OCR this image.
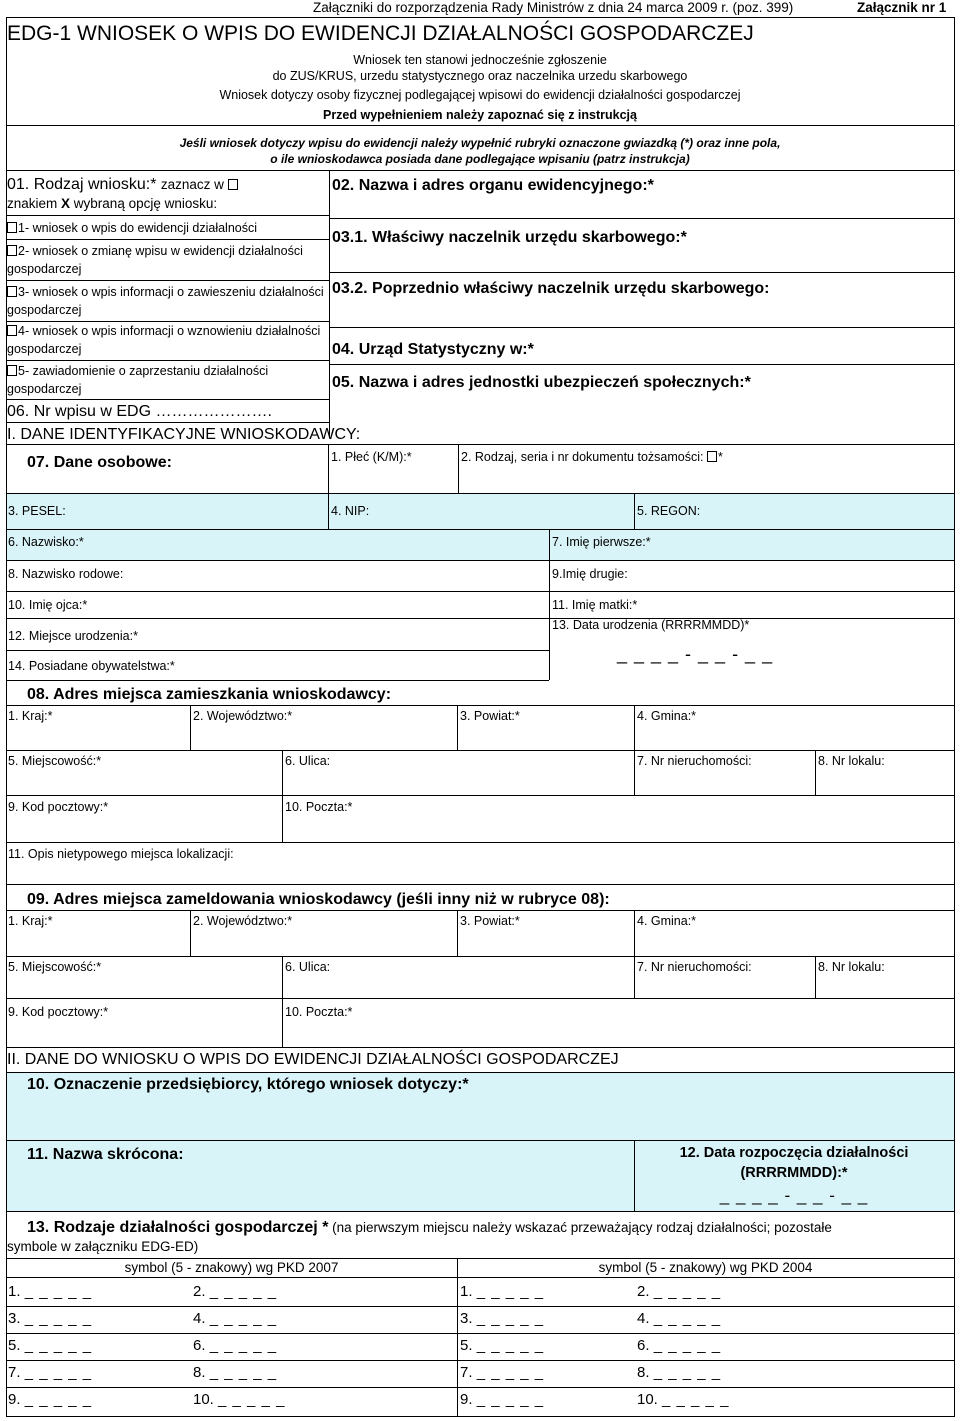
Załączniki do rozporządzenia Rady Ministrów z dnia 24 marca 2009 r. (poz. 399)	Załącznik nr 1
EDG-1 WNIOSEK O WPIS DO EWIDENCJI DZIAŁALNOŚCI GOSPODARCZEJ
Wniosek ten stanowi jednocześnie zgłoszenie
do ZUS/KRUS, urzedu statystycznego oraz naczelnika urzedu skarbowego
Wniosek dotyczy osoby fizycznej podlegającej wpisowi do ewidencji działalności gospodarczej
Przed wypełnieniem należy zapoznać się z instrukcją
Jeśli wniosek dotyczy wpisu do ewidencji należy wypełnić rubryki oznaczone gwiazdką (*) oraz inne pola,
o ile wnioskodawca posiada dane podlegające wpisaniu (patrz instrukcja)
01. Rodzaj wniosku:* zaznacz w
znakiem X wybraną opcję wniosku:
1- wniosek o wpis do ewidencji działalności
2- wniosek o zmianę wpisu w ewidencji działalności
gospodarczej
3- wniosek o wpis informacji o zawieszeniu działalności
gospodarczej
4- wniosek o wpis informacji o wznowieniu działalności
gospodarczej
5- zawiadomienie o zaprzestaniu działalności
gospodarczej
06. Nr wpisu w EDG ………………….
02. Nazwa i adres organu ewidencyjnego:*
03.1. Właściwy naczelnik urzędu skarbowego:*
03.2. Poprzednio właściwy naczelnik urzędu skarbowego:
04. Urząd Statystyczny w:*
05. Nazwa i adres jednostki ubezpieczeń społecznych:*
I. DANE IDENTYFIKACYJNE WNIOSKODAWCY:
07. Dane osobowe:	1. Płeć (K/M):*	2. Rodzaj, seria i nr dokumentu tożsamości: *
3. PESEL:	4. NIP:	5. REGON:
6. Nazwisko:*	7. Imię pierwsze:*
8. Nazwisko rodowe:	9.Imię drugie:
10. Imię ojca:*	11. Imię matki:*
12. Miejsce urodzenia:*
13. Data urodzenia (RRRRMMDD)*
_ _ _ _ - _ _ - _ _
14. Posiadane obywatelstwa:*
08. Adres miejsca zamieszkania wnioskodawcy:
1. Kraj:*	2. Województwo:*	3. Powiat:*	4. Gmina:*
5. Miejscowość:*	6. Ulica:	7. Nr nieruchomości:	8. Nr lokalu:
9. Kod pocztowy:*	10. Poczta:*
11. Opis nietypowego miejsca lokalizacji:
09. Adres miejsca zameldowania wnioskodawcy (jeśli inny niż w rubryce 08):
1. Kraj:*	2. Województwo:*	3. Powiat:*	4. Gmina:*
5. Miejscowość:*	6. Ulica:	7. Nr nieruchomości:	8. Nr lokalu:
9. Kod pocztowy:*	10. Poczta:*
II. DANE DO WNIOSKU O WPIS DO EWIDENCJI DZIAŁALNOŚCI GOSPODARCZEJ
10. Oznaczenie przedsiębiorcy, którego wniosek dotyczy:*
11. Nazwa skrócona:	12. Data rozpoczęcia działalności
(RRRRMMDD):*
_ _ _ _ - _ _ - _ _
13. Rodzaje działalności gospodarczej * (na pierwszym miejscu należy wskazać przeważający rodzaj działalności; pozostałe
symbole w załączniku EDG-ED)
symbol (5 - znakowy) wg PKD 2007	symbol (5 - znakowy) wg PKD 2004
1. _ _ _ _ _	2. _ _ _ _ _	1. _ _ _ _ _	2. _ _ _ _ _
3. _ _ _ _ _	4. _ _ _ _ _	3. _ _ _ _ _	4. _ _ _ _ _
5. _ _ _ _ _	6. _ _ _ _ _	5. _ _ _ _ _	6. _ _ _ _ _
7. _ _ _ _ _	8. _ _ _ _ _	7. _ _ _ _ _	8. _ _ _ _ _
9. _ _ _ _ _	10. _ _ _ _ _	9. _ _ _ _ _	10. _ _ _ _ _
